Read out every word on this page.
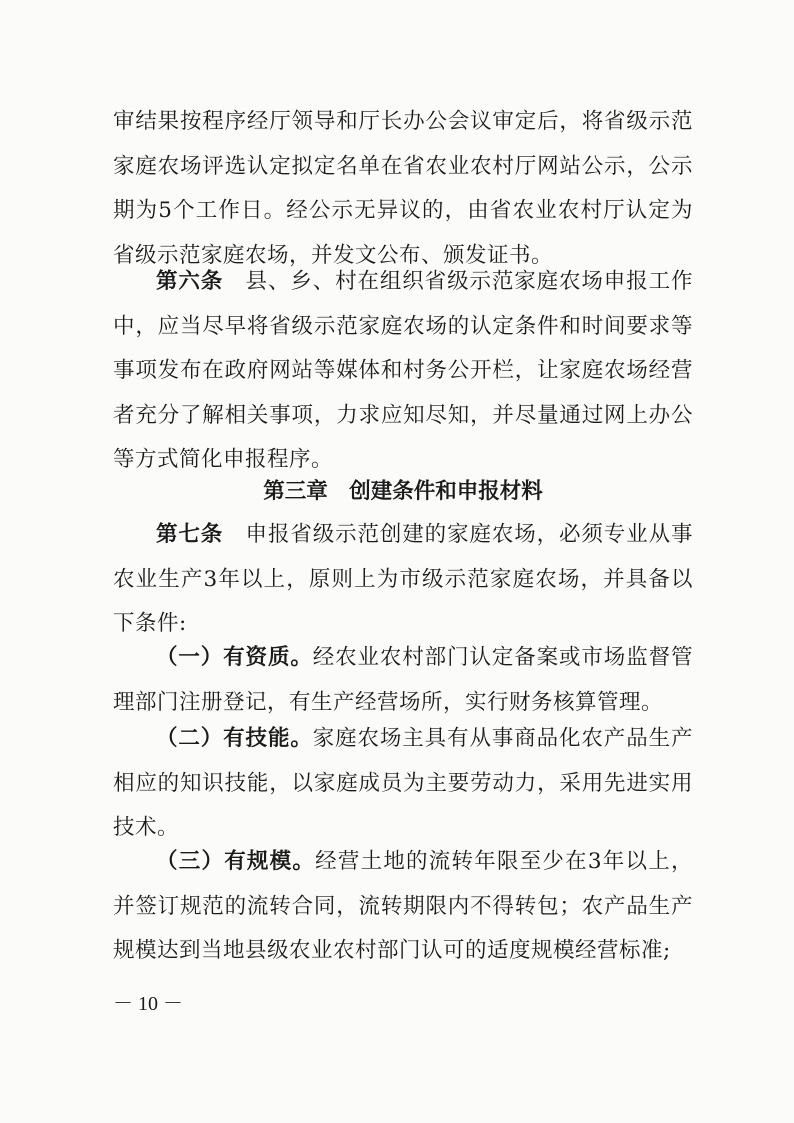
审结果按程序经厅领导和厅长办公会议审定后，将省级示范家庭农场评选认定拟定名单在省农业农村厅网站公示，公示期为5个工作日。经公示无异议的，由省农业农村厅认定为省级示范家庭农场，并发文公布、颁发证书。

第六条　县、乡、村在组织省级示范家庭农场申报工作中，应当尽早将省级示范家庭农场的认定条件和时间要求等事项发布在政府网站等媒体和村务公开栏，让家庭农场经营者充分了解相关事项，力求应知尽知，并尽量通过网上办公等方式简化申报程序。

第三章　创建条件和申报材料

第七条　申报省级示范创建的家庭农场，必须专业从事农业生产3年以上，原则上为市级示范家庭农场，并具备以下条件:

（一）有资质。经农业农村部门认定备案或市场监督管理部门注册登记，有生产经营场所，实行财务核算管理。

（二）有技能。家庭农场主具有从事商品化农产品生产相应的知识技能，以家庭成员为主要劳动力，采用先进实用技术。

（三）有规模。经营土地的流转年限至少在3年以上，并签订规范的流转合同，流转期限内不得转包；农产品生产规模达到当地县级农业农村部门认可的适度规模经营标准;

－ 10 －
